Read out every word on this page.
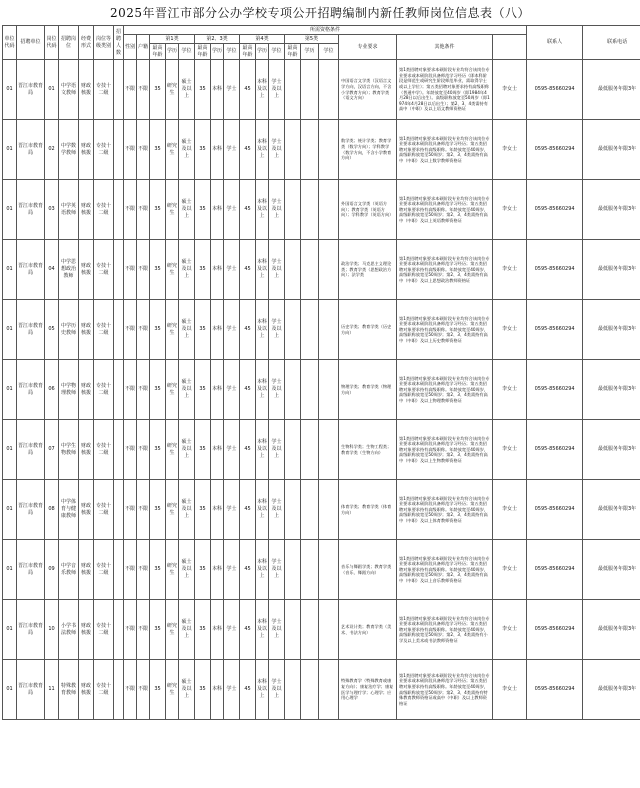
2025年晋江市部分公办学校专项公开招聘编制内新任教师岗位信息表（八）
单位代码	招聘单位	岗位代码	招聘岗位	经费形式	岗位等级类别	招聘人数	所需资格条件																	联系人	联系电话	
							性别	户籍	第1类			第2、3类			第4类			第5类			专业要求	其他条件				
									最高年龄	学历	学位	最高年龄	学历	学位	最高年龄	学历	学位	最高年龄	学历	学位						
01	晋江市教育局	01	中学语文教师	财政核拨	专技十二级		不限	不限	35	研究生	硕士及以上	35	本科	学士	45	本科及以上	学士及以上				中国语言文学类（汉语言文学方向，汉语言方向，不含小学教育方向）；教育学类（语文方向）	第1类招聘对象要求本硕阶段专业均符合该岗位专业要求或本硕阶段具备师范学习经历（即本科阶段是师范生或研究生阶段师范毕业，需取得学士或以上学位）；第五类招聘对象要求持有高级职称（普通中学）。年龄放宽至40周岁（即1984年4月28日以后出生）。高级职称放宽至50周岁（即1974年4月28日以后出生）；第2、3、4类需持有高中（中职）及以上语文教师资格证	李女士	0595-85660294	最低服务年限3年	
01	晋江市教育局	02	中学数学教师	财政核拨	专技十二级		不限	不限	35	研究生	硕士及以上	35	本科	学士	45	本科及以上	学士及以上				数学类；统计学类；教育学类（数学方向）；学科教学（数学方向，不含小学教育方向）	第1类招聘对象要求本硕阶段专业均符合该岗位专业要求或本硕阶段具备师范学习经历；第五类招聘对象要求持有高级职称。年龄放宽至40周岁，高级职称放宽至50周岁；第2、3、4类需持有高中（中职）及以上数学教师资格证	李女士	0595-85660294	最低服务年限3年	
01	晋江市教育局	03	中学英语教师	财政核拨	专技十二级		不限	不限	35	研究生	硕士及以上	35	本科	学士	45	本科及以上	学士及以上				外国语言文学类（英语方向）；教育学类（英语方向）；学科教学（英语方向）	第1类招聘对象要求本硕阶段专业均符合该岗位专业要求或本硕阶段具备师范学习经历；第五类招聘对象要求持有高级职称。年龄放宽至40周岁，高级职称放宽至50周岁；第2、3、4类需持有高中（中职）及以上英语教师资格证	李女士	0595-85660294	最低服务年限3年	
01	晋江市教育局	04	中学思想政治教师	财政核拨	专技十二级		不限	不限	35	研究生	硕士及以上	35	本科	学士	45	本科及以上	学士及以上				政治学类；马克思主义理论类；教育学类（思想政治方向）；法学类	第1类招聘对象要求本硕阶段专业均符合该岗位专业要求或本硕阶段具备师范学习经历；第五类招聘对象要求持有高级职称。年龄放宽至40周岁，高级职称放宽至50周岁；第2、3、4类需持有高中（中职）及以上思想政治教师资格证	李女士	0595-85660294	最低服务年限3年	
01	晋江市教育局	05	中学历史教师	财政核拨	专技十二级		不限	不限	35	研究生	硕士及以上	35	本科	学士	45	本科及以上	学士及以上				历史学类；教育学类（历史方向）	第1类招聘对象要求本硕阶段专业均符合该岗位专业要求或本硕阶段具备师范学习经历；第五类招聘对象要求持有高级职称。年龄放宽至40周岁，高级职称放宽至50周岁；第2、3、4类需持有高中（中职）及以上历史教师资格证	李女士	0595-85660294	最低服务年限3年	
01	晋江市教育局	06	中学物理教师	财政核拨	专技十二级		不限	不限	35	研究生	硕士及以上	35	本科	学士	45	本科及以上	学士及以上				物理学类；教育学类（物理方向）	第1类招聘对象要求本硕阶段专业均符合该岗位专业要求或本硕阶段具备师范学习经历；第五类招聘对象要求持有高级职称。年龄放宽至40周岁，高级职称放宽至50周岁；第2、3、4类需持有高中（中职）及以上物理教师资格证	李女士	0595-85660294	最低服务年限3年	
01	晋江市教育局	07	中学生物教师	财政核拨	专技十二级		不限	不限	35	研究生	硕士及以上	35	本科	学士	45	本科及以上	学士及以上				生物科学类；生物工程类；教育学类（生物方向）	第1类招聘对象要求本硕阶段专业均符合该岗位专业要求或本硕阶段具备师范学习经历；第五类招聘对象要求持有高级职称。年龄放宽至40周岁，高级职称放宽至50周岁；第2、3、4类需持有高中（中职）及以上生物教师资格证	李女士	0595-85660294	最低服务年限3年	
01	晋江市教育局	08	中学体育与健康教师	财政核拨	专技十二级		不限	不限	35	研究生	硕士及以上	35	本科	学士	45	本科及以上	学士及以上				体育学类；教育学类（体育方向）	第1类招聘对象要求本硕阶段专业均符合该岗位专业要求或本硕阶段具备师范学习经历；第五类招聘对象要求持有高级职称。年龄放宽至40周岁，高级职称放宽至50周岁；第2、3、4类需持有高中（中职）及以上体育教师资格证	李女士	0595-85660294	最低服务年限3年	
01	晋江市教育局	09	中学音乐教师	财政核拨	专技十二级		不限	不限	35	研究生	硕士及以上	35	本科	学士	45	本科及以上	学士及以上				音乐与舞蹈学类；教育学类（音乐、舞蹈方向）	第1类招聘对象要求本硕阶段专业均符合该岗位专业要求或本硕阶段具备师范学习经历；第五类招聘对象要求持有高级职称。年龄放宽至40周岁，高级职称放宽至50周岁；第2、3、4类需持有高中（中职）及以上音乐教师资格证	李女士	0595-85660294	最低服务年限3年	
01	晋江市教育局	10	小学书法教师	财政核拨	专技十二级		不限	不限	35	研究生	硕士及以上	35	本科	学士	45	本科及以上	学士及以上				艺术设计类；教育学类（美术、书法方向）	第1类招聘对象要求本硕阶段专业均符合该岗位专业要求或本硕阶段具备师范学习经历；第五类招聘对象要求持有高级职称。年龄放宽至40周岁，高级职称放宽至50周岁；第2、3、4类需持有小学及以上美术或书法教师资格证	李女士	0595-85660294	最低服务年限3年	
01	晋江市教育局	11	特殊教育教师	财政核拨	专技十二级		不限	不限	35	研究生	硕士及以上	35	本科	学士	45	本科及以上	学士及以上				特殊教育学（特殊教育或康复方向）；康复治疗学；康复医学与理疗学；心理学；应用心理学	第1类招聘对象要求本硕阶段专业均符合该岗位专业要求或本硕阶段具备师范学习经历；第五类招聘对象要求持有高级职称。年龄放宽至40周岁，高级职称放宽至50周岁；第2、3、4类需持有特殊教育教师资格证或高中（中职）及以上教师资格证	李女士	0595-85660294	最低服务年限3年	
